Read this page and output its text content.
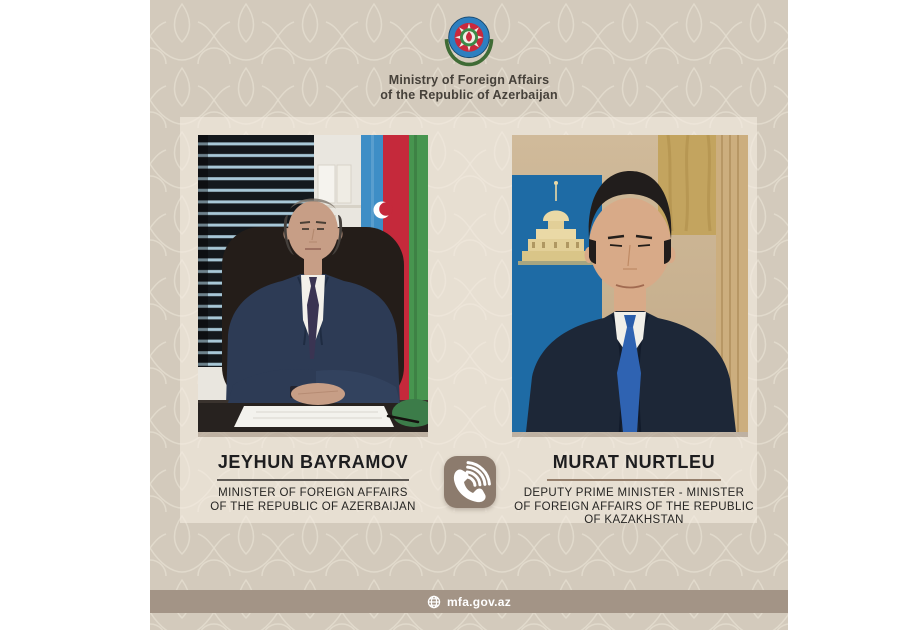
Ministry of Foreign Affairs
of the Republic of Azerbaijan
JEYHUN BAYRAMOV
MINISTER OF FOREIGN AFFAIRS
OF THE REPUBLIC OF AZERBAIJAN
MURAT NURTLEU
DEPUTY PRIME MINISTER - MINISTER
OF FOREIGN AFFAIRS OF THE REPUBLIC
OF KAZAKHSTAN
mfa.gov.az
